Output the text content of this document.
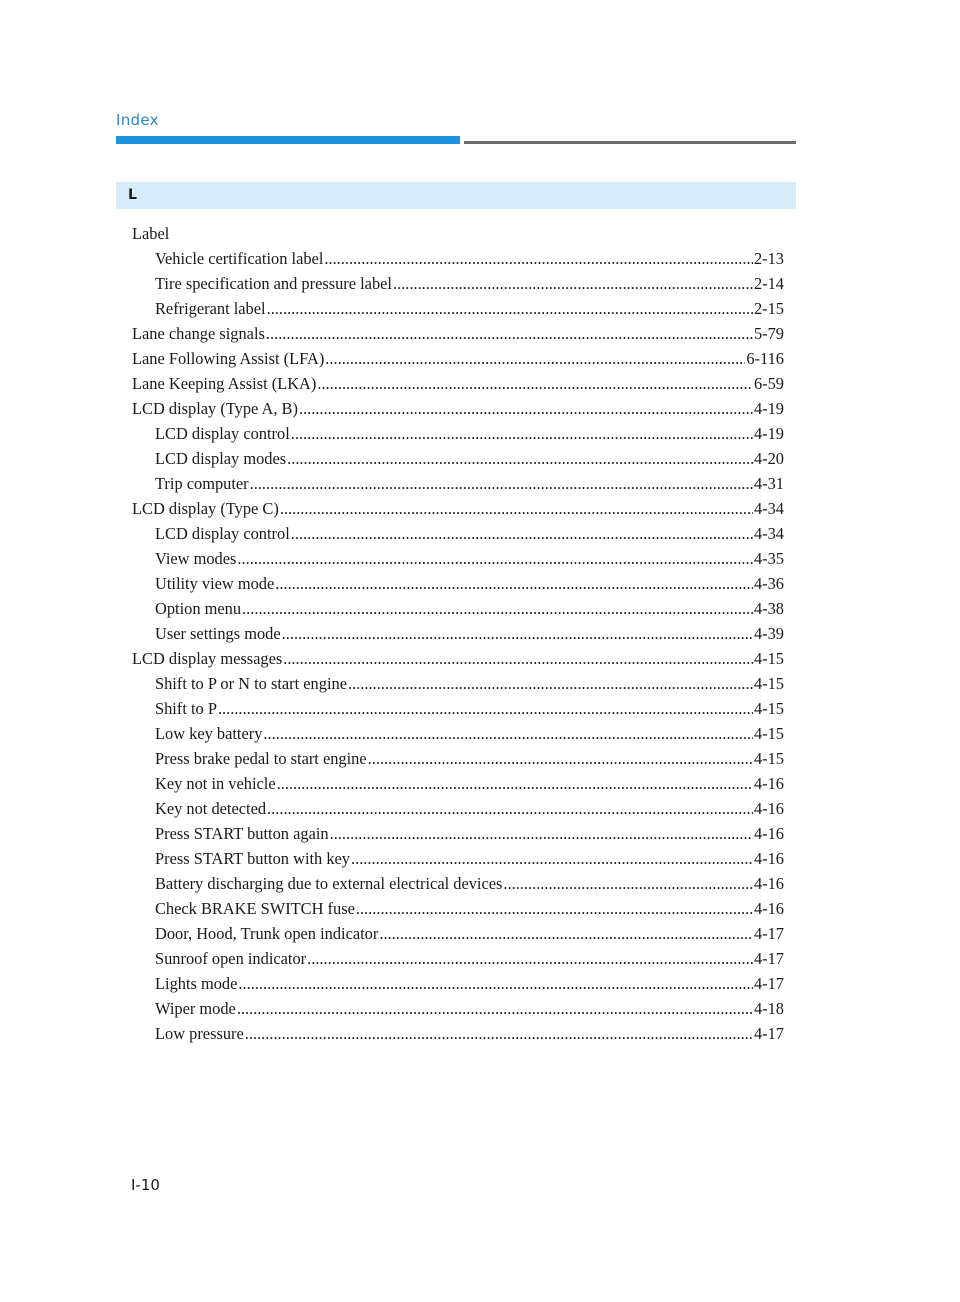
Index
L
Label
Vehicle certification label .....	2-13
Tire specification and pressure label .....	2-14
Refrigerant label .....	2-15
Lane change signals .....	5-79
Lane Following Assist (LFA) .....	6-116
Lane Keeping Assist (LKA) .....	6-59
LCD display (Type A, B) .....	4-19
LCD display control .....	4-19
LCD display modes .....	4-20
Trip computer .....	4-31
LCD display (Type C) .....	4-34
LCD display control .....	4-34
View modes .....	4-35
Utility view mode .....	4-36
Option menu .....	4-38
User settings mode .....	4-39
LCD display messages .....	4-15
Shift to P or N to start engine .....	4-15
Shift to P .....	4-15
Low key battery .....	4-15
Press brake pedal to start engine .....	4-15
Key not in vehicle .....	4-16
Key not detected .....	4-16
Press START button again .....	4-16
Press START button with key .....	4-16
Battery discharging due to external electrical devices .....	4-16
Check BRAKE SWITCH fuse .....	4-16
Door, Hood, Trunk open indicator .....	4-17
Sunroof open indicator .....	4-17
Lights mode .....	4-17
Wiper mode .....	4-18
Low pressure .....	4-17
I-10
